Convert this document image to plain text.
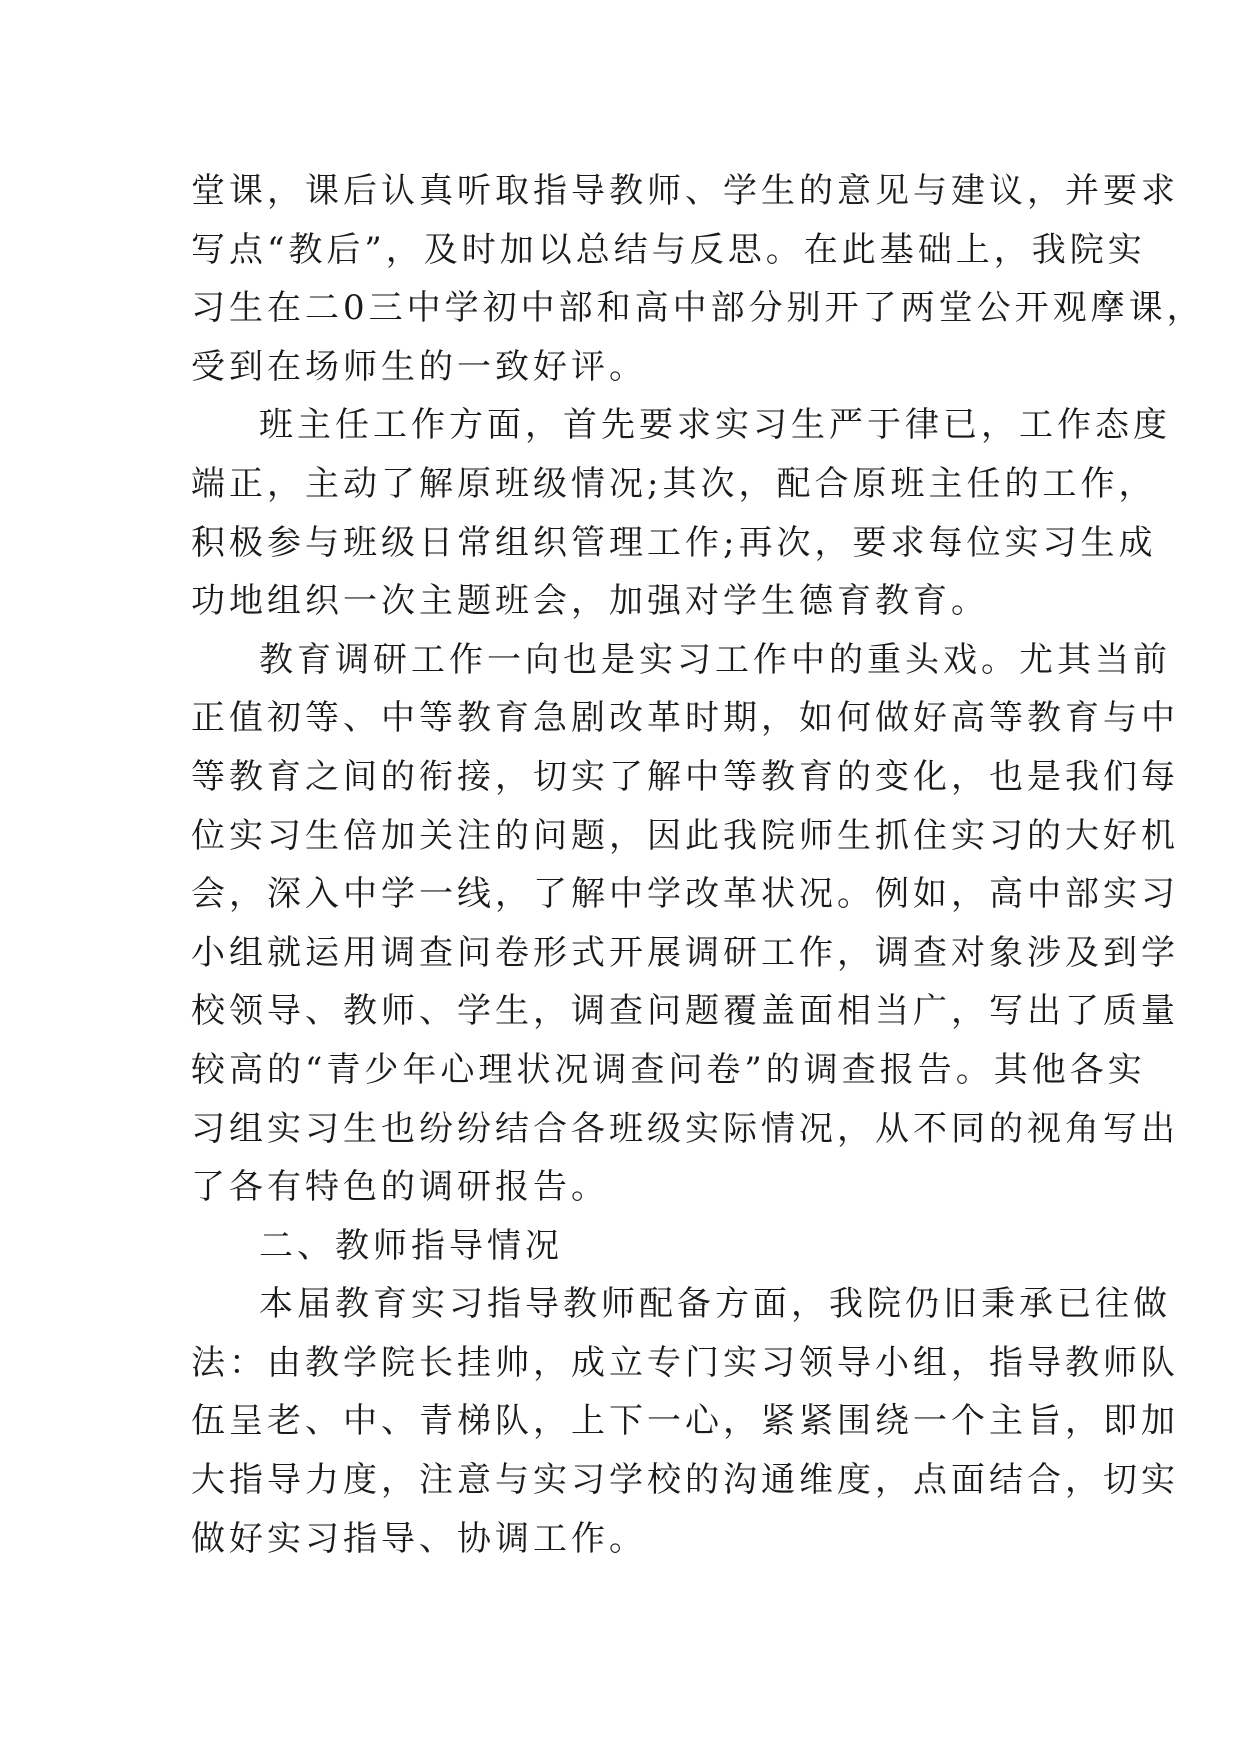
堂课，课后认真听取指导教师、学生的意见与建议，并要求
写点“教后”，及时加以总结与反思。在此基础上，我院实
习生在二0三中学初中部和高中部分别开了两堂公开观摩课，
受到在场师生的一致好评。
班主任工作方面，首先要求实习生严于律已，工作态度
端正，主动了解原班级情况;其次，配合原班主任的工作，
积极参与班级日常组织管理工作;再次，要求每位实习生成
功地组织一次主题班会，加强对学生德育教育。
教育调研工作一向也是实习工作中的重头戏。尤其当前
正值初等、中等教育急剧改革时期，如何做好高等教育与中
等教育之间的衔接，切实了解中等教育的变化，也是我们每
位实习生倍加关注的问题，因此我院师生抓住实习的大好机
会，深入中学一线，了解中学改革状况。例如，高中部实习
小组就运用调查问卷形式开展调研工作，调查对象涉及到学
校领导、教师、学生，调查问题覆盖面相当广，写出了质量
较高的“青少年心理状况调查问卷”的调查报告。其他各实
习组实习生也纷纷结合各班级实际情况，从不同的视角写出
了各有特色的调研报告。
二、教师指导情况
本届教育实习指导教师配备方面，我院仍旧秉承已往做
法：由教学院长挂帅，成立专门实习领导小组，指导教师队
伍呈老、中、青梯队，上下一心，紧紧围绕一个主旨，即加
大指导力度，注意与实习学校的沟通维度，点面结合，切实
做好实习指导、协调工作。
